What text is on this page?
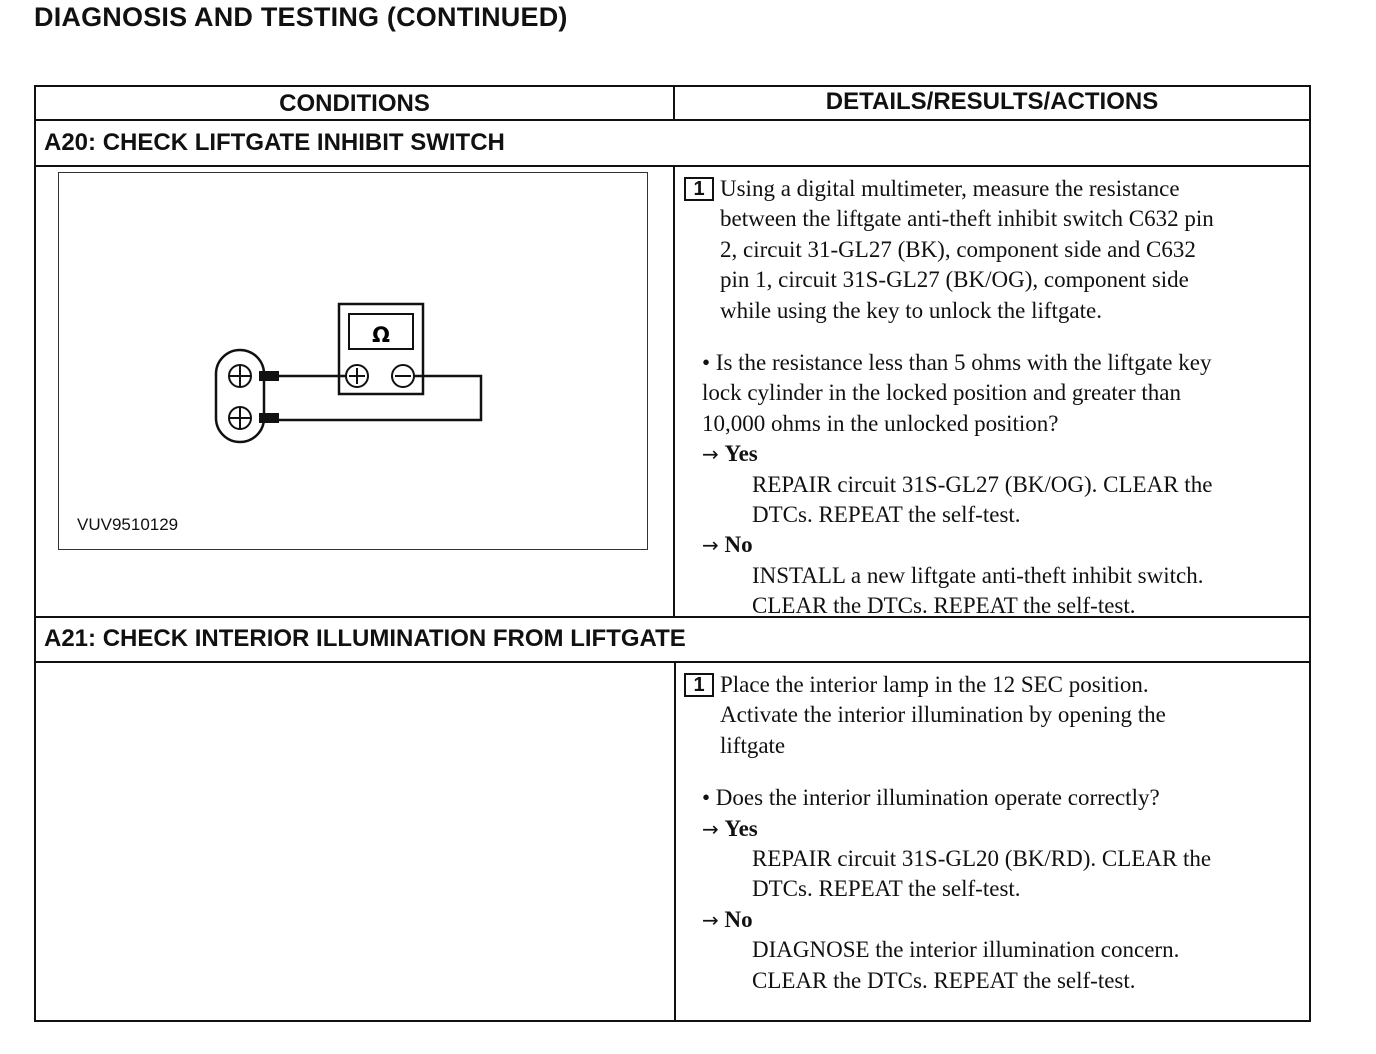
DIAGNOSIS AND TESTING (CONTINUED)
CONDITIONS	DETAILS/RESULTS/ACTIONS
A20: CHECK LIFTGATE INHIBIT SWITCH
Ω
VUV9510129
1 Using a digital multimeter, measure the resistance
between the liftgate anti-theft inhibit switch C632 pin
2, circuit 31-GL27 (BK), component side and C632
pin 1, circuit 31S-GL27 (BK/OG), component side
while using the key to unlock the liftgate.
• Is the resistance less than 5 ohms with the liftgate key
lock cylinder in the locked position and greater than
10,000 ohms in the unlocked position?
→ Yes
REPAIR circuit 31S-GL27 (BK/OG). CLEAR the
DTCs. REPEAT the self-test.
→ No
INSTALL a new liftgate anti-theft inhibit switch.
CLEAR the DTCs. REPEAT the self-test.
A21: CHECK INTERIOR ILLUMINATION FROM LIFTGATE
1 Place the interior lamp in the 12 SEC position.
Activate the interior illumination by opening the
liftgate
• Does the interior illumination operate correctly?
→ Yes
REPAIR circuit 31S-GL20 (BK/RD). CLEAR the
DTCs. REPEAT the self-test.
→ No
DIAGNOSE the interior illumination concern.
CLEAR the DTCs. REPEAT the self-test.
